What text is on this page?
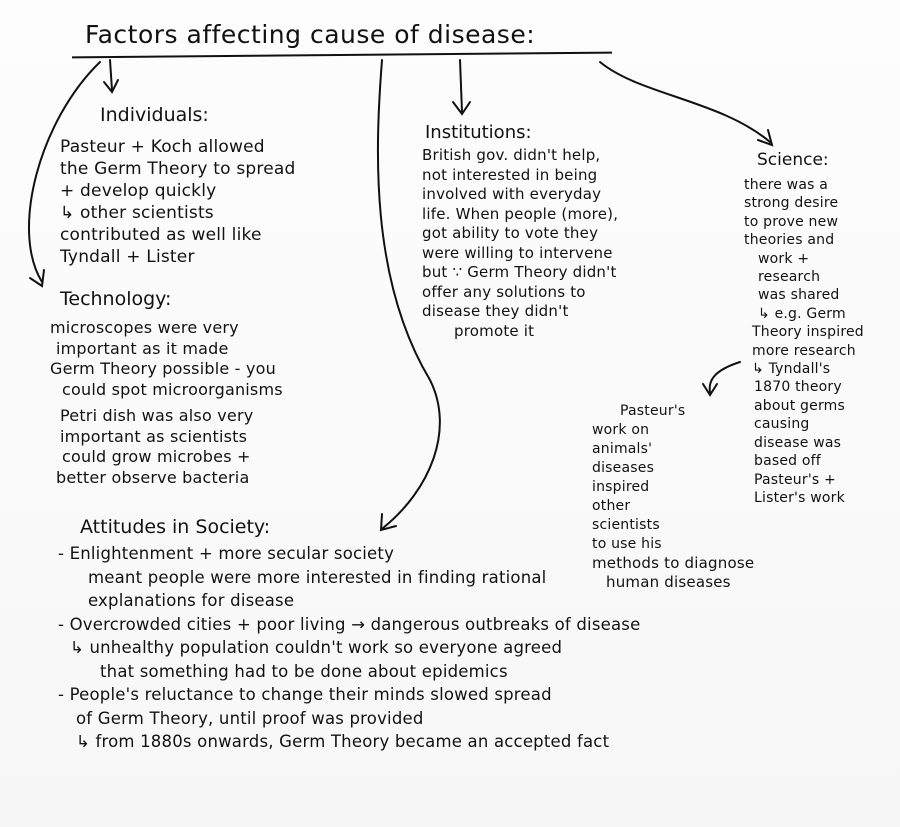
Factors affecting cause of disease:
Individuals:
Pasteur + Koch allowed
the Germ Theory to spread
+ develop quickly
↳ other scientists
contributed as well like
Tyndall + Lister
Institutions:
British gov. didn't help,
not interested in being
involved with everyday
life. When people (more),
got ability to vote they
were willing to intervene
but ∵ Germ Theory didn't
offer any solutions to
disease they didn't
promote it
Science:
there was a
strong desire
to prove new
theories and
work +
research
was shared
↳ e.g. Germ
Theory inspired
more research
↳ Tyndall's
1870 theory
about germs
causing
disease was
based off
Pasteur's +
Lister's work
Pasteur's
work on
animals'
diseases
inspired
other
scientists
to use his
methods to diagnose
human diseases
Technology:
microscopes were very
important as it made
Germ Theory possible - you
could spot microorganisms
Petri dish was also very
important as scientists
could grow microbes +
better observe bacteria
Attitudes in Society:
- Enlightenment + more secular society
meant people were more interested in finding rational
explanations for disease
- Overcrowded cities + poor living → dangerous outbreaks of disease
↳ unhealthy population couldn't work so everyone agreed
that something had to be done about epidemics
- People's reluctance to change their minds slowed spread
of Germ Theory, until proof was provided
↳ from 1880s onwards, Germ Theory became an accepted fact
